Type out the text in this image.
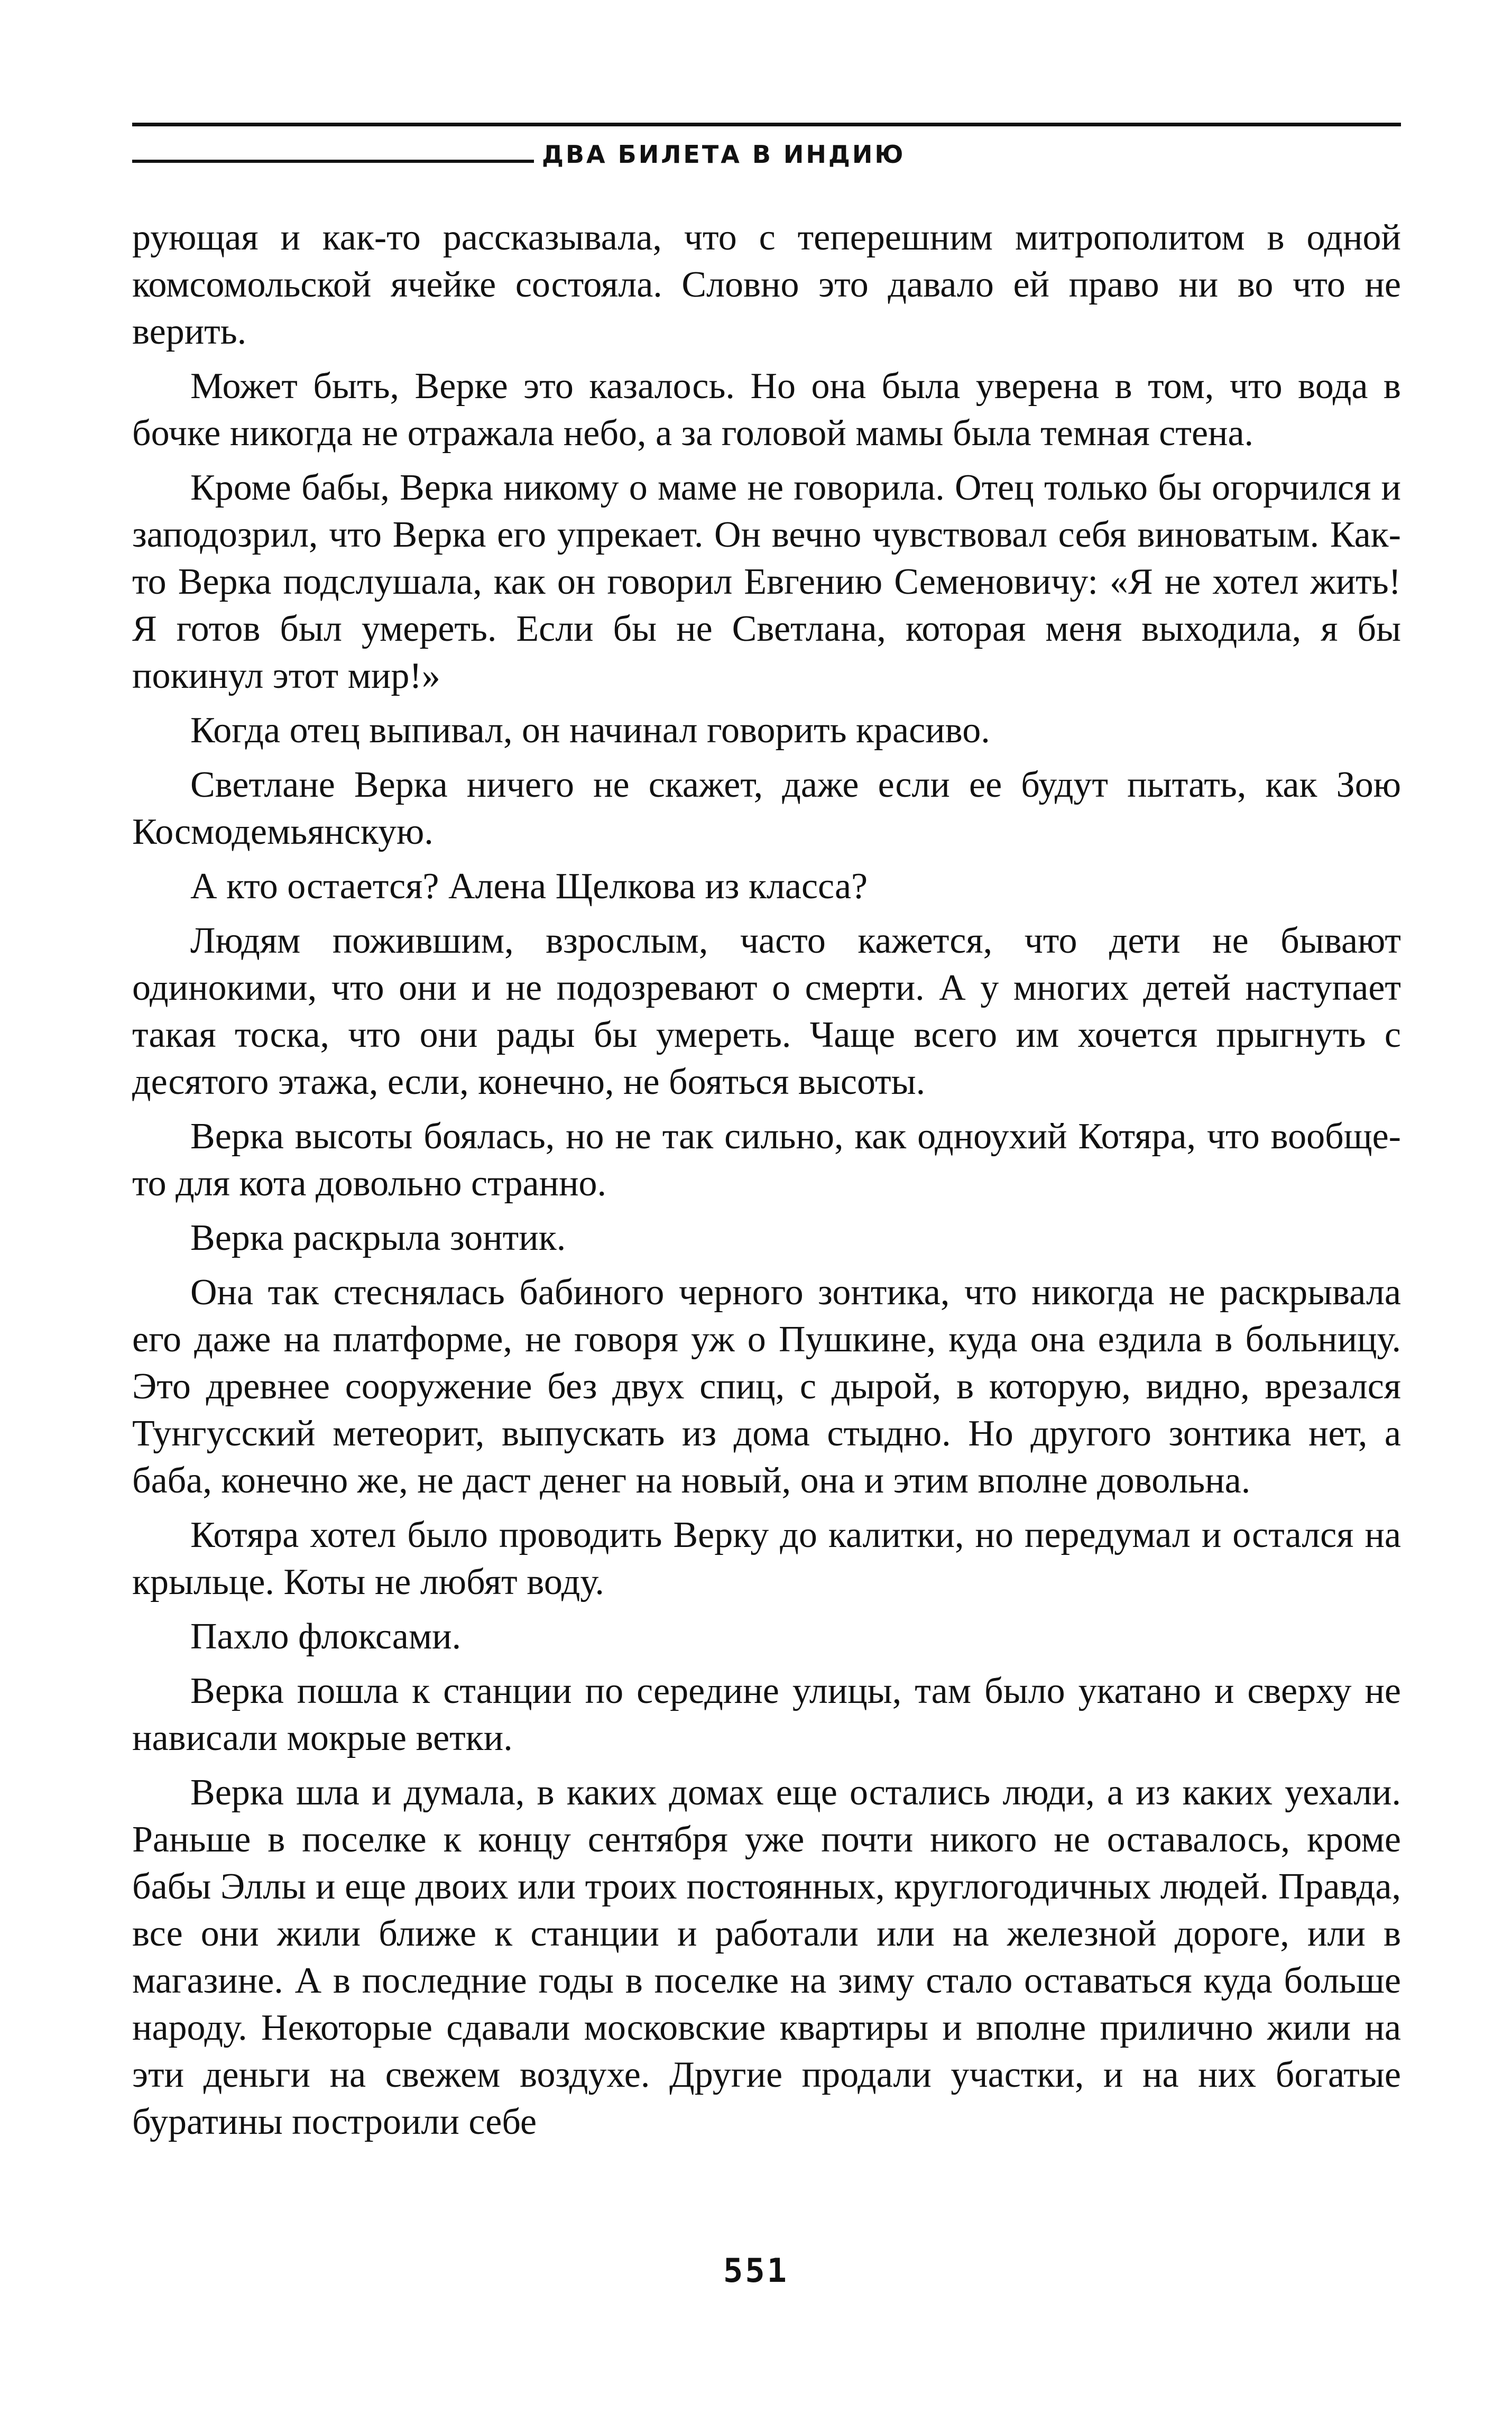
ДВА БИЛЕТА В ИНДИЮ

рующая и как-то рассказывала, что с теперешним митрополитом в одной комсомольской ячейке состояла. Словно это давало ей право ни во что не верить.

Может быть, Верке это казалось. Но она была уверена в том, что вода в бочке никогда не отражала небо, а за головой мамы была темная стена.

Кроме бабы, Верка никому о маме не говорила. Отец только бы огорчился и заподозрил, что Верка его упрекает. Он вечно чувствовал себя виноватым. Как-то Верка подслушала, как он говорил Евгению Семеновичу: «Я не хотел жить! Я готов был умереть. Если бы не Светлана, которая меня выходила, я бы покинул этот мир!»

Когда отец выпивал, он начинал говорить красиво.

Светлане Верка ничего не скажет, даже если ее будут пытать, как Зою Космодемьянскую.

А кто остается? Алена Щелкова из класса?

Людям пожившим, взрослым, часто кажется, что дети не бывают одинокими, что они и не подозревают о смерти. А у многих детей наступает такая тоска, что они рады бы умереть. Чаще всего им хочется прыгнуть с десятого этажа, если, конечно, не бояться высоты.

Верка высоты боялась, но не так сильно, как одноухий Котяра, что вообще-то для кота довольно странно.

Верка раскрыла зонтик.

Она так стеснялась бабиного черного зонтика, что никогда не раскрывала его даже на платформе, не говоря уж о Пушкине, куда она ездила в больницу. Это древнее сооружение без двух спиц, с дырой, в которую, видно, врезался Тунгусский метеорит, выпускать из дома стыдно. Но другого зонтика нет, а баба, конечно же, не даст денег на новый, она и этим вполне довольна.

Котяра хотел было проводить Верку до калитки, но передумал и остался на крыльце. Коты не любят воду.

Пахло флоксами.

Верка пошла к станции по середине улицы, там было укатано и сверху не нависали мокрые ветки.

Верка шла и думала, в каких домах еще остались люди, а из каких уехали. Раньше в поселке к концу сентября уже почти никого не оставалось, кроме бабы Эллы и еще двоих или троих постоянных, круглогодичных людей. Правда, все они жили ближе к станции и работали или на железной дороге, или в магазине. А в последние годы в поселке на зиму стало оставаться куда больше народу. Некоторые сдавали московские квартиры и вполне прилично жили на эти деньги на свежем воздухе. Другие продали участки, и на них богатые буратины построили себе

551
